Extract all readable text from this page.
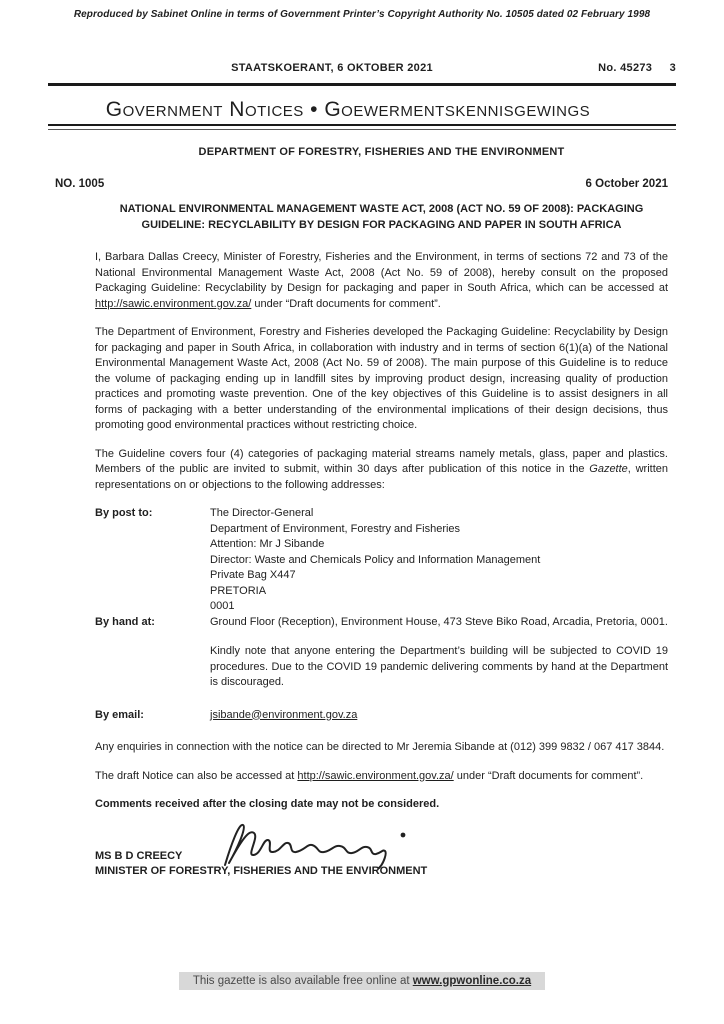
Reproduced by Sabinet Online in terms of Government Printer’s Copyright Authority No. 10505 dated 02 February 1998
STAATSKOERANT, 6 OKTOBER 2021	No. 45273 3
Government Notices • Goewermentskennisgewings
DEPARTMENT OF FORESTRY, FISHERIES AND THE ENVIRONMENT
NO. 1005	6 October 2021
NATIONAL ENVIRONMENTAL MANAGEMENT WASTE ACT, 2008 (ACT NO. 59 OF 2008): PACKAGING GUIDELINE: RECYCLABILITY BY DESIGN FOR PACKAGING AND PAPER IN SOUTH AFRICA

I, Barbara Dallas Creecy, Minister of Forestry, Fisheries and the Environment, in terms of sections 72 and 73 of the National Environmental Management Waste Act, 2008 (Act No. 59 of 2008), hereby consult on the proposed Packaging Guideline: Recyclability by Design for packaging and paper in South Africa, which can be accessed at http://sawic.environment.gov.za/ under “Draft documents for comment”.

The Department of Environment, Forestry and Fisheries developed the Packaging Guideline: Recyclability by Design for packaging and paper in South Africa, in collaboration with industry and in terms of section 6(1)(a) of the National Environmental Management Waste Act, 2008 (Act No. 59 of 2008). The main purpose of this Guideline is to reduce the volume of packaging ending up in landfill sites by improving product design, increasing quality of production practices and promoting waste prevention. One of the key objectives of this Guideline is to assist designers in all forms of packaging with a better understanding of the environmental implications of their design decisions, thus promoting good environmental practices without restricting choice.

The Guideline covers four (4) categories of packaging material streams namely metals, glass, paper and plastics. Members of the public are invited to submit, within 30 days after publication of this notice in the Gazette, written representations on or objections to the following addresses:

By post to:	The Director-General
Department of Environment, Forestry and Fisheries
Attention: Mr J Sibande
Director: Waste and Chemicals Policy and Information Management
Private Bag X447
PRETORIA
0001
By hand at:	Ground Floor (Reception), Environment House, 473 Steve Biko Road, Arcadia, Pretoria, 0001.
Kindly note that anyone entering the Department’s building will be subjected to COVID 19 procedures. Due to the COVID 19 pandemic delivering comments by hand at the Department is discouraged.
By email:	jsibande@environment.gov.za

Any enquiries in connection with the notice can be directed to Mr Jeremia Sibande at (012) 399 9832 / 067 417 3844.

The draft Notice can also be accessed at http://sawic.environment.gov.za/ under “Draft documents for comment”.

Comments received after the closing date may not be considered.

MS B D CREECY
MINISTER OF FORESTRY, FISHERIES AND THE ENVIRONMENT
This gazette is also available free online at www.gpwonline.co.za
